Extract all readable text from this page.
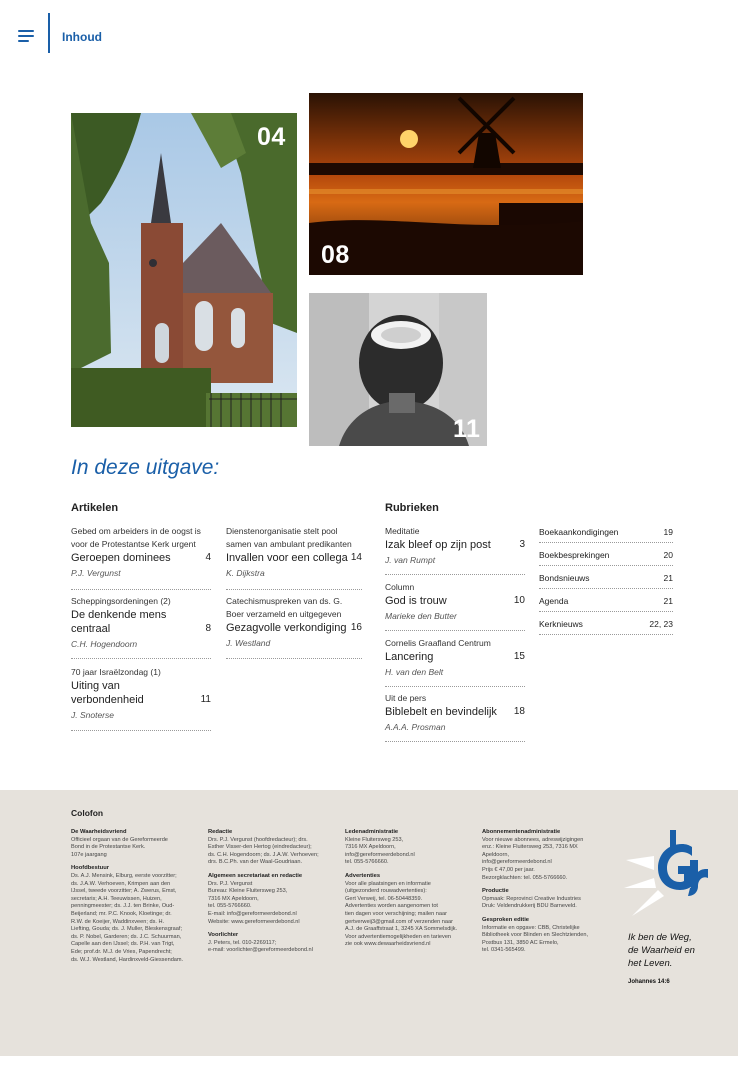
Inhoud
04
08
11
In deze uitgave:
Artikelen
Gebed om arbeiders in de oogst is voor de Protestantse Kerk urgent
Geroepen dominees	4
P.J. Vergunst
Scheppingsordeningen (2)
De denkende mens centraal	8
C.H. Hogendoorn
70 jaar Israëlzondag (1)
Uiting van verbondenheid	11
J. Snoterse
Dienstenorganisatie stelt pool samen van ambulant predikanten
Invallen voor een collega 14
K. Dijkstra
Catechismuspreken van ds. G. Boer verzameld en uitgegeven
Gezagvolle verkondiging 16
J. Westland
Rubrieken
Meditatie
Izak bleef op zijn post	3
J. van Rumpt
Column
God is trouw	10
Marieke den Butter
Cornelis Graafland Centrum
Lancering	15
H. van den Belt
Uit de pers
Biblebelt en bevindelijk 18
A.A.A. Prosman
Boekaankondigingen	19
Boekbesprekingen	20
Bondsnieuws	21
Agenda	21
Kerknieuws	22, 23
Colofon
De Waarheidsvriend
Officieel orgaan van de Gereformeerde
Bond in de Protestantse Kerk.
107e jaargang
Hoofdbestuur
Ds. A.J. Mensink, Elburg, eerste voorzitter;
ds. J.A.W. Verhoeven, Krimpen aan den
IJssel, tweede voorzitter; A. Zwerus, Emst,
secretaris; A.H. Teeuwissen, Huizen,
penningmeester; ds. J.J. ten Brinke, Oud-
Beijerland; mr. P.C. Knook, Kloetinge; dr.
R.W. de Koeijer, Waddinxveen; ds. H.
Liefting, Gouda; ds. J. Muller, Bleskensgraaf;
ds. P. Nobel, Garderen; ds. J.C. Schuurman,
Capelle aan den IJssel; ds. P.H. van Trigt,
Ede; prof.dr. M.J. de Vries, Papendrecht;
ds. W.J. Westland, Hardinxveld-Giessendam.
Redactie
Drs. P.J. Vergunst (hoofdredacteur); drs.
Esther Visser-den Hertog (eindredacteur);
ds. C.H. Hogendoorn; ds. J.A.W. Verhoeven;
drs. B.C.Ph. van der Waal-Goudriaan.
Algemeen secretariaat en redactie
Drs. P.J. Vergunst
Bureau: Kleine Fluitersweg 253,
7316 MX Apeldoorn,
tel. 055-5766660.
E-mail: info@gereformeerdebond.nl
Website: www.gereformeerdebond.nl
Voorlichter
J. Peters, tel. 010-2269117;
e-mail: voorlichter@gereformeerdebond.nl
Ledenadministratie
Kleine Fluitersweg 253,
7316 MX Apeldoorn,
info@gereformeerdebond.nl
tel. 055-5766660.
Advertenties
Voor alle plaatsingen en informatie
(uitgezonderd rouwadvertenties):
Gert Verweij, tel. 06-50448359.
Advertenties worden aangenomen tot
tien dagen voor verschijning; mailen naar
gertverweij3@gmail.com of verzenden naar
A.J. de Graaffstraat 1, 3245 XA Sommelsdijk.
Voor advertentiemogelijkheden en tarieven
zie ook www.dewaarheidsvriend.nl
Abonnementenadministratie
Voor nieuwe abonnees, adreswijzigingen
enz.: Kleine Fluitersweg 253, 7316 MX
Apeldoorn,
info@gereformeerdebond.nl
Prijs € 47,00 per jaar.
Bezorgklachten: tel. 055-5766660.
Productie
Opmaak: Reprovinci Creative Industries
Druk: Veldendrukkerij BDU Barneveld.
Gesproken editie
Informatie en opgave: CBB, Christelijke
Bibliotheek voor Blinden en Slechtzienden,
Postbus 131, 3850 AC Ermelo,
tel. 0341-565499.
Ik ben de Weg,
de Waarheid en
het Leven.
Johannes 14:6
